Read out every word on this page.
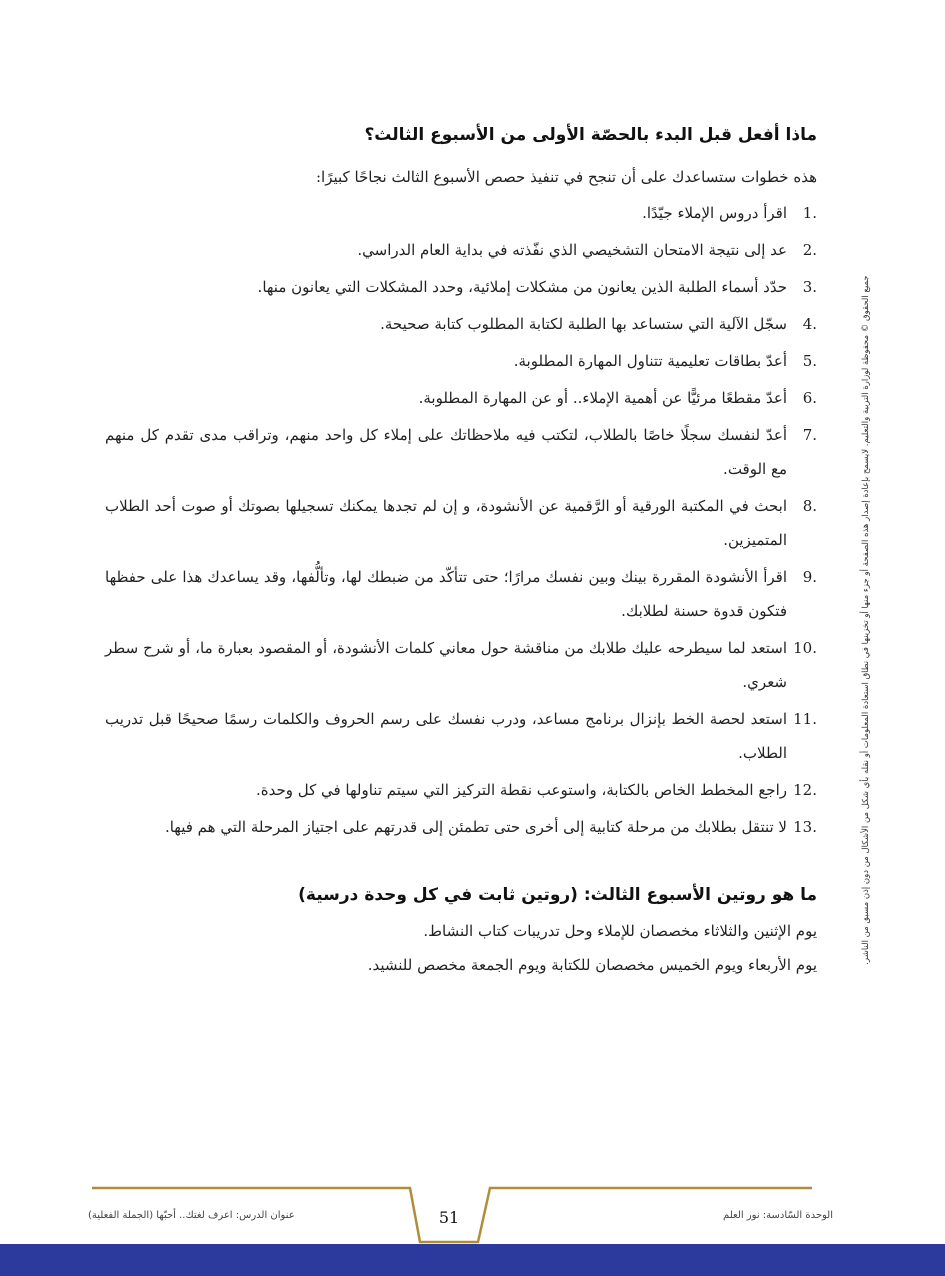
ماذا أفعل قبل البدء بالحصّة الأولى من الأسبوع الثالث؟

هذه خطوات ستساعدك على أن تنجح في تنفيذ حصص الأسبوع الثالث نجاحًا كبيرًا:

1.
اقرأ دروس الإملاء جيّدًا.
2.
عد إلى نتيجة الامتحان التشخيصي الذي نفّذته في بداية العام الدراسي.
3.
حدّد أسماء الطلبة الذين يعانون من مشكلات إملائية، وحدد المشكلات التي يعانون منها.
4.
سجّل الآلية التي ستساعد بها الطلبة لكتابة المطلوب كتابة صحيحة.
5.
أعدّ بطاقات تعليمية تتناول المهارة المطلوبة.
6.
أعدّ مقطعًا مرئيًّا عن أهمية الإملاء.. أو عن المهارة المطلوبة.
7.
أعدّ لنفسك سجلًا خاصًا بالطلاب، لتكتب فيه ملاحظاتك على إملاء كل واحد منهم، وتراقب مدى تقدم كل منهم مع الوقت.
8.
ابحث في المكتبة الورقية أو الرَّقمية عن الأنشودة، و إن لم تجدها يمكنك تسجيلها بصوتك أو صوت أحد الطلاب المتميزين.
9.
اقرأ الأنشودة المقررة بينك وبين نفسك مرارًا؛ حتى تتأكّد من ضبطك لها، وتألُّفها، وقد يساعدك هذا على حفظها فتكون قدوة حسنة لطلابك.
10.
استعد لما سيطرحه عليك طلابك من مناقشة حول معاني كلمات الأنشودة، أو المقصود بعبارة ما، أو شرح سطر شعري.
11.
استعد لحصة الخط بإنزال برنامج مساعد، ودرب نفسك على رسم الحروف والكلمات رسمًا صحيحًا قبل تدريب الطلاب.
12.
راجع المخطط الخاص بالكتابة، واستوعب نقطة التركيز التي سيتم تناولها في كل وحدة.
13.
لا تنتقل بطلابك من مرحلة كتابية إلى أخرى حتى تطمئن إلى قدرتهم على اجتياز المرحلة التي هم فيها.
ما هو روتين الأسبوع الثالث: (روتين ثابت في كل وحدة درسية)

يوم الإثنين والثلاثاء مخصصان للإملاء وحل تدريبات كتاب النشاط.

يوم الأربعاء ويوم الخميس مخصصان للكتابة ويوم الجمعة مخصص للنشيد.

جميع الحقوق © محفوظة لوزارة التربية والتعليم. لايسمح بإعادة إصدار هذه الصفحة أو جزء منها أو تخزينها في نطاق استعادة المعلومات أو نقله بأي شكل من الأشكال من دون إذن مسبق من الناشر.
عنوان الدرس: اعرف لغتك.. أحبّها (الجملة الفعلية)	51	الوحدة السّادسة: نور العلم
